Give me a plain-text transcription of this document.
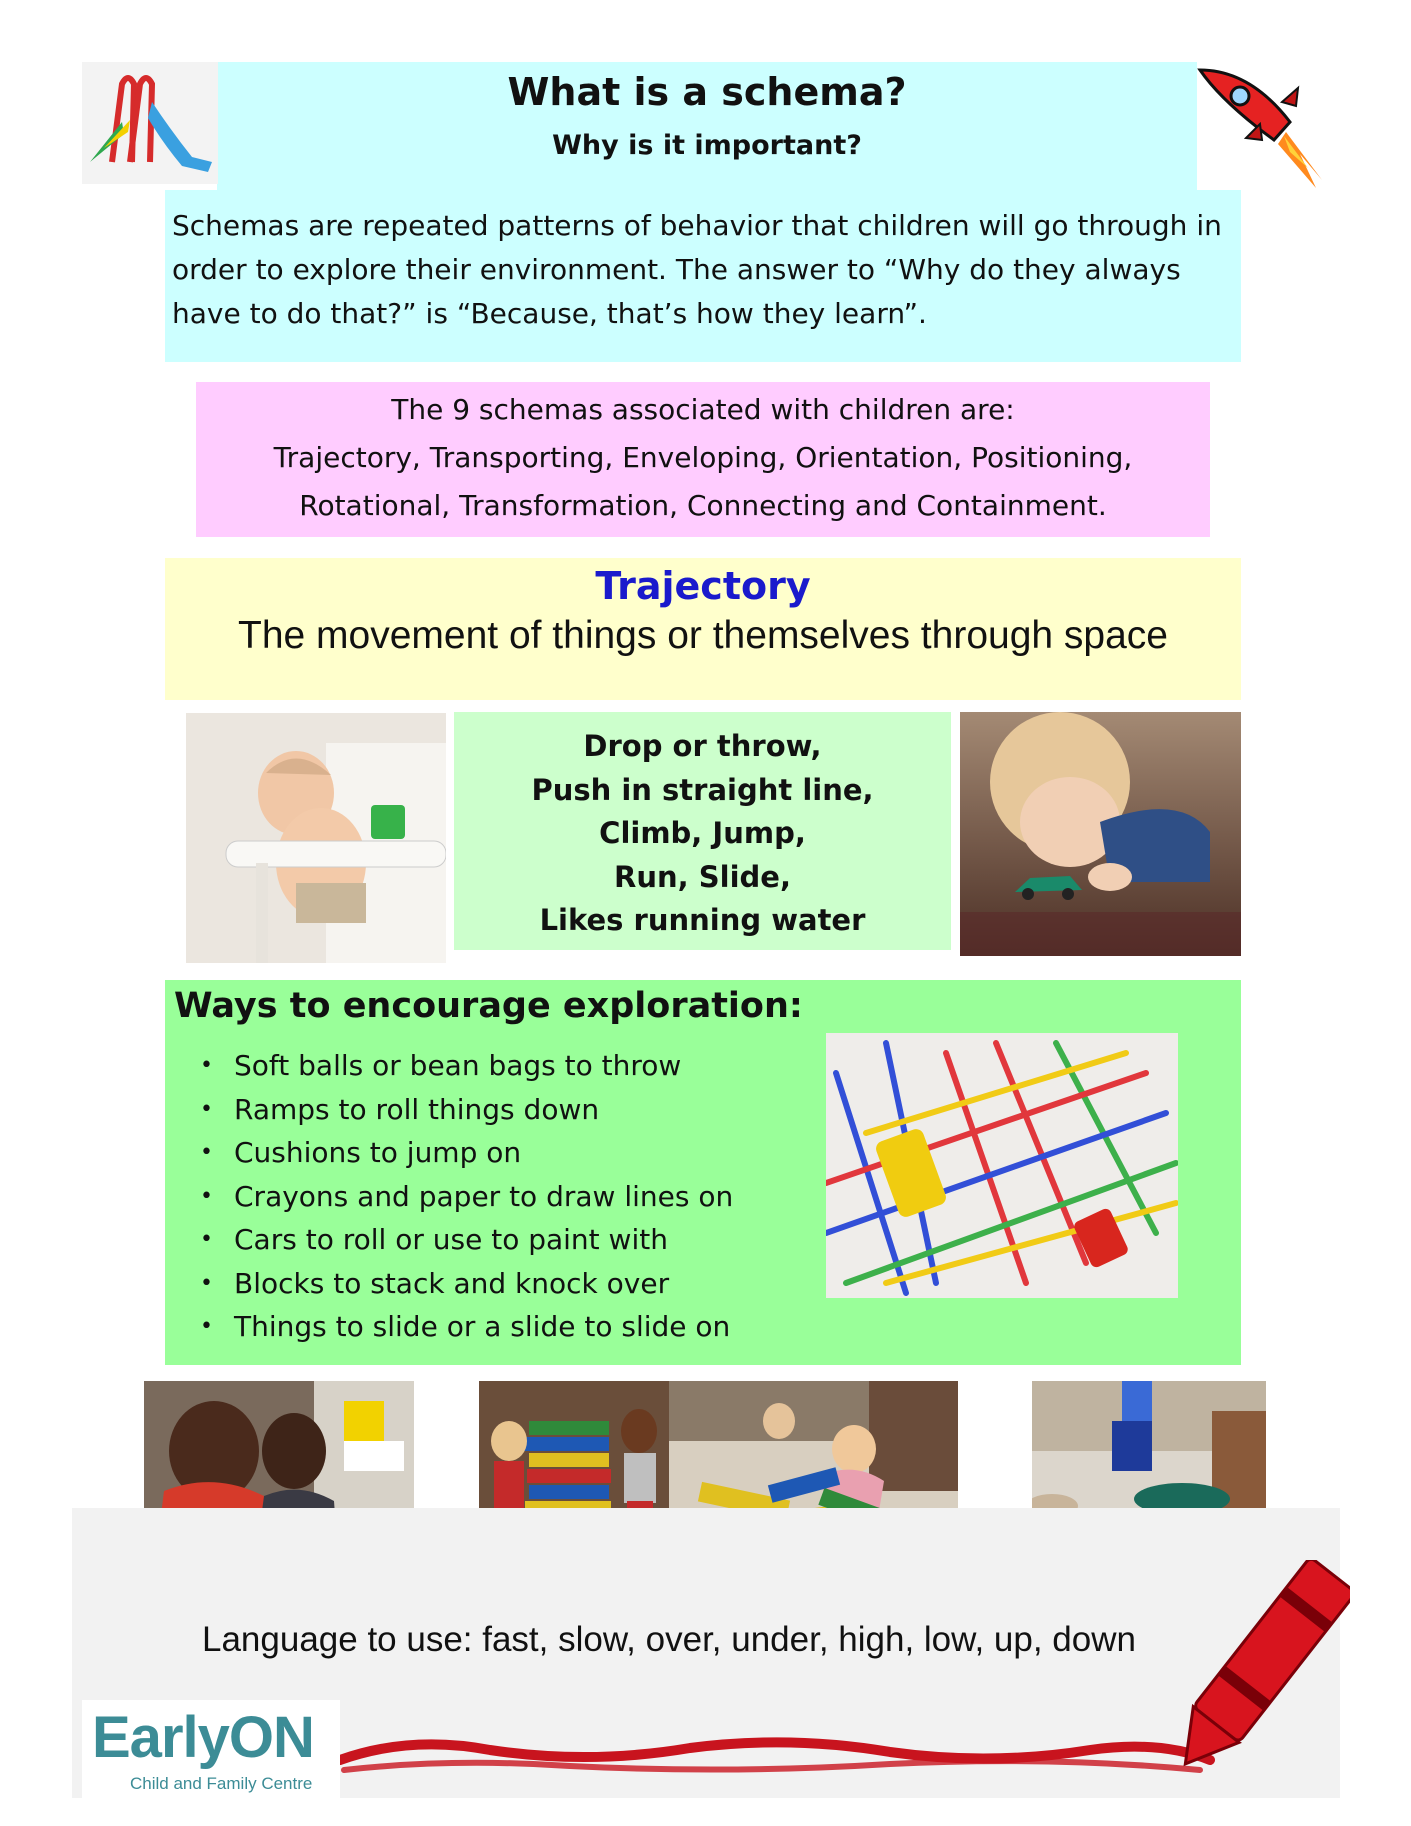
What is a schema?
Why is it important?
Schemas are repeated patterns of behavior that children will go through in
order to explore their environment. The answer to “Why do they always
have to do that?” is “Because, that’s how they learn”.
The 9 schemas associated with children are:
Trajectory, Transporting, Enveloping, Orientation, Positioning,
Rotational, Transformation, Connecting and Containment.
Trajectory
The movement of things or themselves through space
Drop or throw,
Push in straight line,
Climb, Jump,
Run, Slide,
Likes running water
Ways to encourage exploration:
• Soft balls or bean bags to throw
• Ramps to roll things down
• Cushions to jump on
• Crayons and paper to draw lines on
• Cars to roll or use to paint with
• Blocks to stack and knock over
• Things to slide or a slide to slide on
Language to use: fast, slow, over, under, high, low, up, down
EarlyON
Child and Family Centre
